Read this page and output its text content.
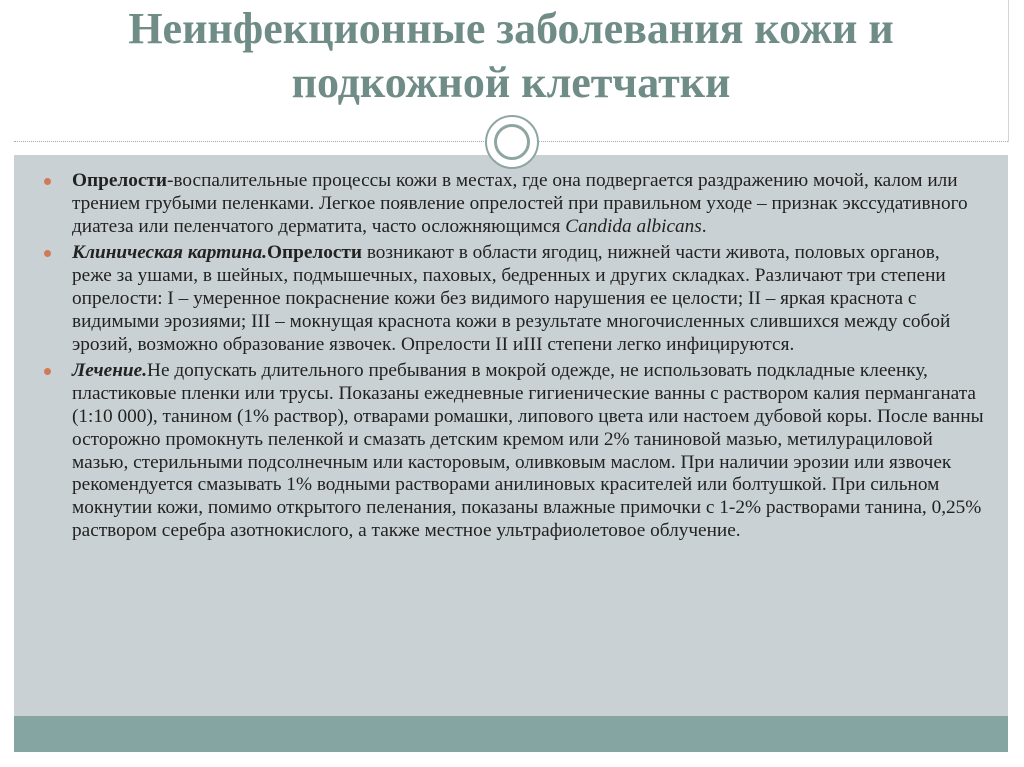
Неинфекционные заболевания кожи и подкожной клетчатки
Опрелости-воспалительные процессы кожи в местах, где она подвергается раздражению мочой, калом или трением грубыми пеленками. Легкое появление опрелостей при правильном уходе – признак экссудативного диатеза или пеленчатого дерматита, часто осложняющимся Candida albicans.
Клиническая картина.Опрелости возникают в области ягодиц, нижней части живота, половых органов, реже за ушами, в шейных, подмышечных, паховых, бедренных и других складках. Различают три степени опрелости: I – умеренное покраснение кожи без видимого нарушения ее целости; II – яркая краснота с видимыми эрозиями; III – мокнущая краснота кожи в результате многочисленных слившихся между собой эрозий, возможно образование язвочек. Опрелости II иIII степени легко инфицируются.
Лечение.Не допускать длительного пребывания в мокрой одежде, не использовать подкладные клеенку, пластиковые пленки или трусы. Показаны ежедневные гигиенические ванны с раствором калия перманганата (1:10 000), танином (1% раствор), отварами ромашки, липового цвета или настоем дубовой коры. После ванны осторожно промокнуть пеленкой и смазать детским кремом или 2% таниновой мазью, метилурациловой мазью, стерильными подсолнечным или касторовым, оливковым маслом. При наличии эрозии или язвочек рекомендуется смазывать 1% водными растворами анилиновых красителей или болтушкой. При сильном мокнутии кожи, помимо открытого пеленания, показаны влажные примочки с 1-2% растворами танина, 0,25% раствором серебра азотнокислого, а также местное ультрафиолетовое облучение.
